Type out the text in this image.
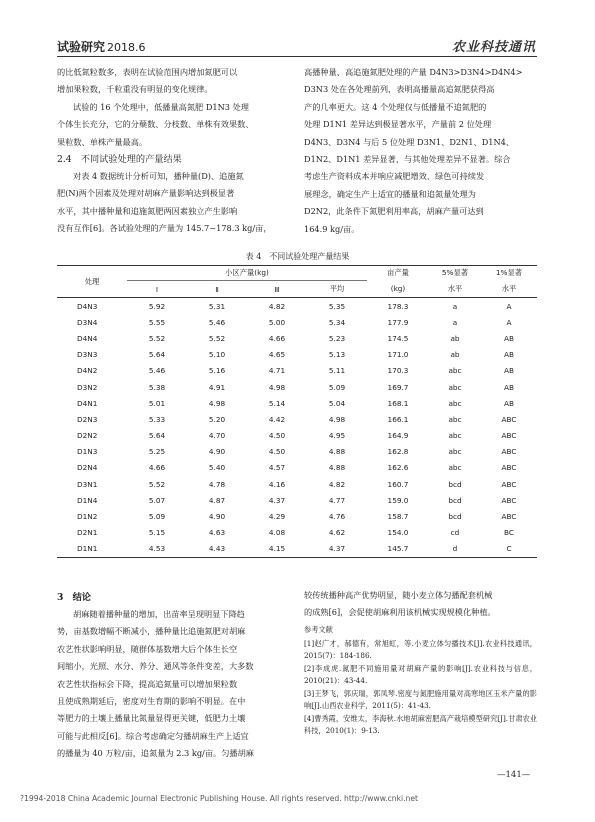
试验研究 2018.6	农业科技通讯

的比低氮粒数多，表明在试验范围内增加氮肥可以

增加果粒数，千粒重没有明显的变化规律。

试验的 16 个处理中，低播量高氮肥 D1N3 处理

个体生长充分，它的分蘖数、分枝数、单株有效果数、

果粒数、单株产量最高。

2.4　不同试验处理的产量结果

对表 4 数据统计分析可知，播种量(D)、追施氮

肥(N)两个因素及处理对胡麻产量影响达到极显著

水平，其中播种量和追施氮肥两因素独立产生影响

没有互作[6]。各试验处理的产量为 145.7~178.3 kg/亩，

高播种量、高追施氮肥处理的产量 D4N3>D3N4>D4N4>

D3N3 处在各处理前列，表明高播量高追氮肥获得高

产的几率更大。这 4 个处理仅与低播量不追氮肥的

处理 D1N1 差异达到极显著水平，产量前 2 位处理

D4N3、D3N4 与后 5 位处理 D3N1、D2N1、D1N4、

D1N2、D1N1 差异显著，与其他处理差异不显著。综合

考虑生产资料成本并响应减肥增效、绿色可持续发

展理念，确定生产上适宜的播量和追氮量处理为

D2N2，此条件下氮肥利用率高，胡麻产量可达到

164.9 kg/亩。

表 4　不同试验处理产量结果
处理	小区产量(kg)				亩产量	5%显著	1%显著
	Ⅰ	Ⅱ	Ⅲ	平均	(kg)	水平	水平
D4N3	5.92	5.31	4.82	5.35	178.3	a	A
D3N4	5.55	5.46	5.00	5.34	177.9	a	A
D4N4	5.52	5.52	4.66	5.23	174.5	ab	AB
D3N3	5.64	5.10	4.65	5.13	171.0	ab	AB
D4N2	5.46	5.16	4.71	5.11	170.3	abc	AB
D3N2	5.38	4.91	4.98	5.09	169.7	abc	AB
D4N1	5.01	4.98	5.14	5.04	168.1	abc	AB
D2N3	5.33	5.20	4.42	4.98	166.1	abc	ABC
D2N2	5.64	4.70	4.50	4.95	164.9	abc	ABC
D1N3	5.25	4.90	4.50	4.88	162.8	abc	ABC
D2N4	4.66	5.40	4.57	4.88	162.6	abc	ABC
D3N1	5.52	4.78	4.16	4.82	160.7	bcd	ABC
D1N4	5.07	4.87	4.37	4.77	159.0	bcd	ABC
D1N2	5.09	4.90	4.29	4.76	158.7	bcd	ABC
D2N1	5.15	4.63	4.08	4.62	154.0	cd	BC
D1N1	4.53	4.43	4.15	4.37	145.7	d	C

3　结论

胡麻随着播种量的增加，出苗率呈现明显下降趋

势，亩基数增幅不断减小，播种量比追施氮肥对胡麻

农艺性状影响明显，随群体基数增大后个体生长空

间缩小，光照、水分、养分、通风等条件变差，大多数

农艺性状指标会下降，提高追氮量可以增加果粒数

且使成熟期延后，密度对生育期的影响不明显。在中

等肥力的土壤上播量比氮量显得更关键，低肥力土壤

可能与此相反[6]。综合考虑确定匀播胡麻生产上适宜

的播量为 40 万粒/亩，追氮量为 2.3 kg/亩。匀播胡麻

较传统播种高产优势明显，随小麦立体匀播配套机械

的成熟[6]，会促使胡麻利用该机械实现规模化种植。

参考文献

[1]赵广才，郝德有，常旭虹，等.小麦立体匀播技术[J].农业科技通讯，2015(7)：184-186.

[2]李成虎.氮肥不同施用量对胡麻产量的影响[J].农业科技与信息，2010(21)：43-44.

[3]王梦飞，郭庆瑞，郭凤琴.密度与氮肥施用量对高寒地区玉米产量的影响[J].山西农业科学，2011(5)：41-43.

[4]曹秀霞，安维太，李海秋.水地胡麻密肥高产栽培模型研究[J].甘肃农业科技，2010(1)：9-13.

—141—
?1994-2018 China Academic Journal Electronic Publishing House. All rights reserved. http://www.cnki.net
